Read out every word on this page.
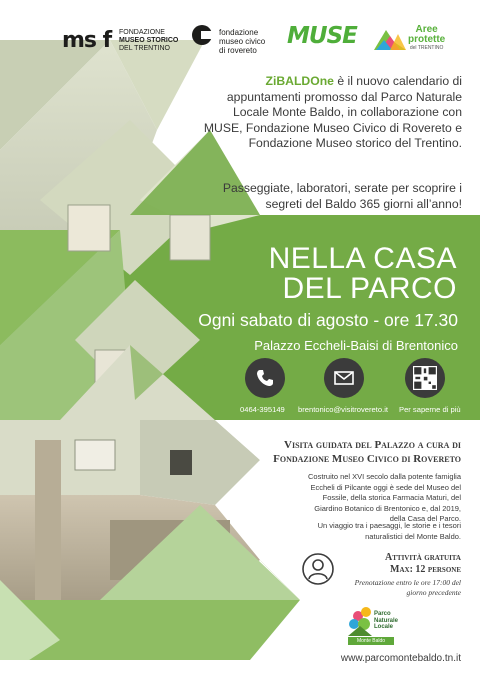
ms f FONDAZIONE
MUSEO STORICO
DEL TRENTINO
fondazione
museo civico
di rovereto
MUSE	Aree
protette
del TRENTINO

ZiBALDOne è il nuovo calendario di appuntamenti promosso dal Parco Naturale Locale Monte Baldo, in collaborazione con MUSE, Fondazione Museo Civico di Rovereto e Fondazione Museo storico del Trentino.

Passeggiate, laboratori, serate per scoprire i segreti del Baldo 365 giorni all’anno!

NELLA CASA
DEL PARCO
Ogni sabato di agosto - ore 17.30
Palazzo Eccheli-Baisi di Brentonico
0464-395149 brentonico@visitrovereto.it Per saperne di più
Visita guidata del Palazzo a cura di
Fondazione Museo Civico di Rovereto

Costruito nel XVI secolo dalla potente famiglia Eccheli di Pilcante oggi è sede del Museo del Fossile, della storica Farmacia Maturi, del Giardino Botanico di Brentonico e, dal 2019, della Casa del Parco.

Un viaggio tra i paesaggi, le storie e i tesori naturalistici del Monte Baldo.

Attività gratuita
Max: 12 persone

Prenotazione entro le ore 17:00 del giorno precedente

Parco
Naturale
Locale
Monte Baldo
www.parcomontebaldo.tn.it
